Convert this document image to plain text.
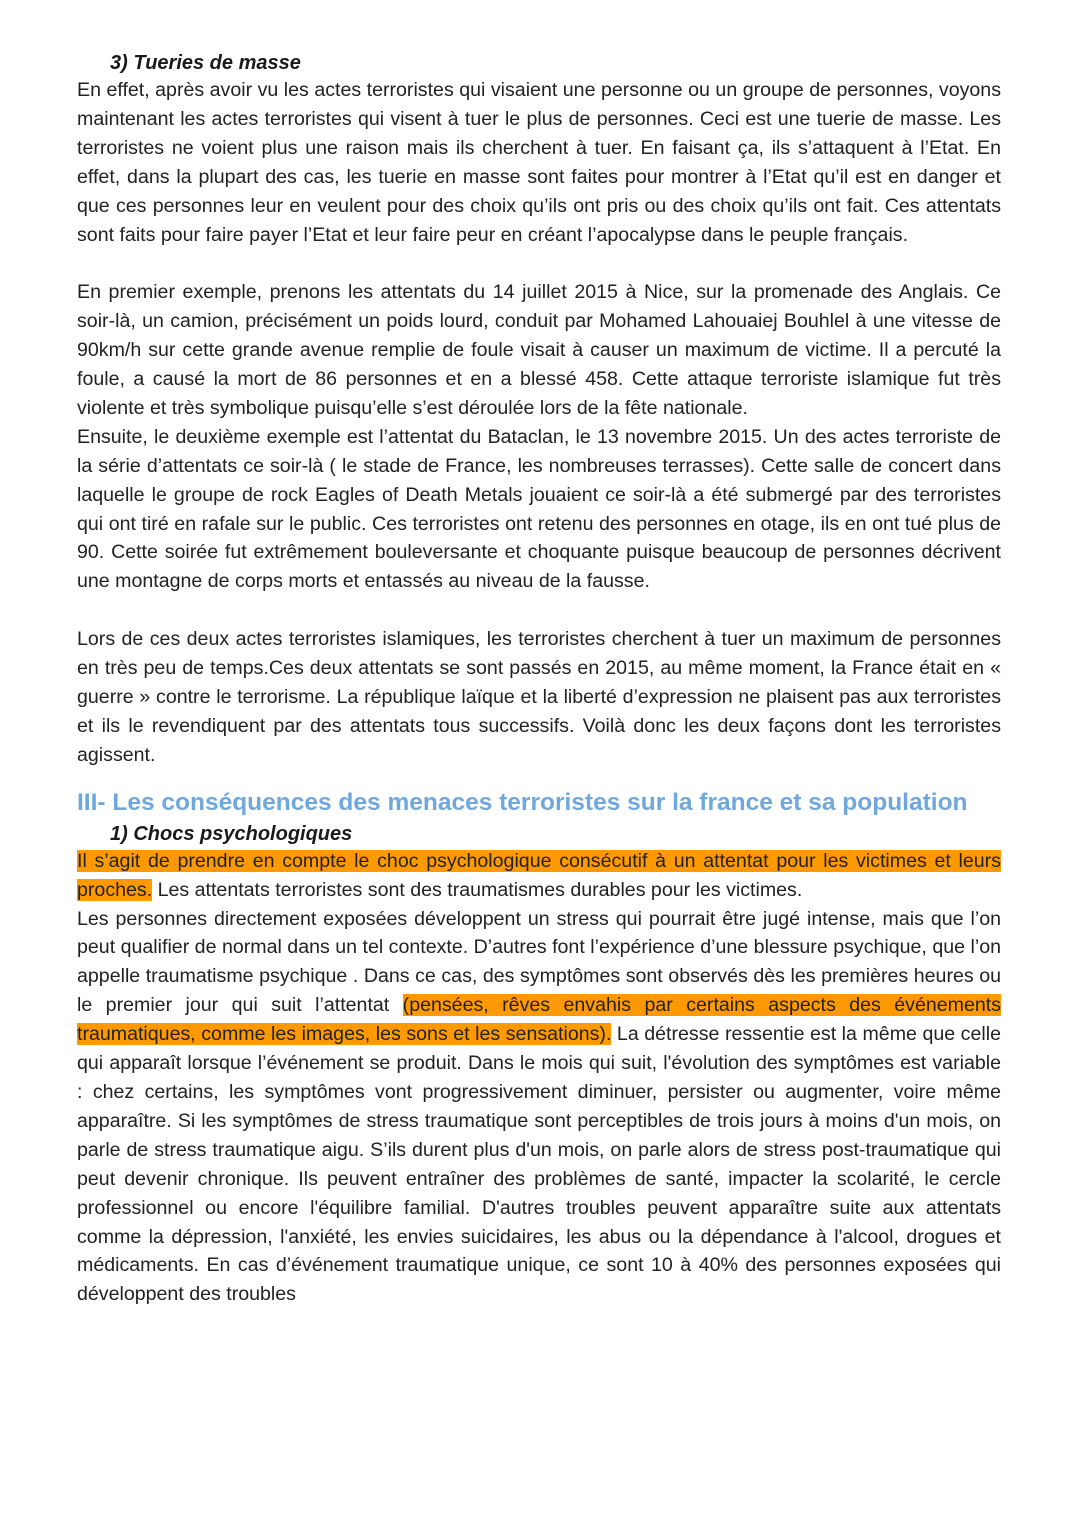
3) Tueries de masse

En effet, après avoir vu les actes terroristes qui visaient une personne ou un groupe de personnes, voyons maintenant les actes terroristes qui visent à tuer le plus de personnes. Ceci est une tuerie de masse. Les terroristes ne voient plus une raison mais ils cherchent à tuer. En faisant ça, ils s’attaquent à l’Etat. En effet, dans la plupart des cas, les tuerie en masse sont faites pour montrer à l’Etat qu’il est en danger et que ces personnes leur en veulent pour des choix qu’ils ont pris ou des choix qu’ils ont fait. Ces attentats sont faits pour faire payer l’Etat et leur faire peur en créant l’apocalypse dans le peuple français.

En premier exemple, prenons les attentats du 14 juillet 2015 à Nice, sur la promenade des Anglais. Ce soir-là, un camion, précisément un poids lourd, conduit par Mohamed Lahouaiej Bouhlel à une vitesse de 90km/h sur cette grande avenue remplie de foule visait à causer un maximum de victime. Il a percuté la foule, a causé la mort de 86 personnes et en a blessé 458. Cette attaque terroriste islamique fut très violente et très symbolique puisqu’elle s’est déroulée lors de la fête nationale.

Ensuite, le deuxième exemple est l’attentat du Bataclan, le 13 novembre 2015. Un des actes terroriste de la série d’attentats ce soir-là ( le stade de France, les nombreuses terrasses). Cette salle de concert dans laquelle le groupe de rock Eagles of Death Metals jouaient ce soir-là a été submergé par des terroristes qui ont tiré en rafale sur le public. Ces terroristes ont retenu des personnes en otage, ils en ont tué plus de 90. Cette soirée fut extrêmement bouleversante et choquante puisque beaucoup de personnes décrivent une montagne de corps morts et entassés au niveau de la fausse.

Lors de ces deux actes terroristes islamiques, les terroristes cherchent à tuer un maximum de personnes en très peu de temps.Ces deux attentats se sont passés en 2015, au même moment, la France était en « guerre » contre le terrorisme. La république laïque et la liberté d’expression ne plaisent pas aux terroristes et ils le revendiquent par des attentats tous successifs. Voilà donc les deux façons dont les terroristes agissent.

III- Les conséquences des menaces terroristes sur la france et sa population
1) Chocs psychologiques

Il s’agit de prendre en compte le choc psychologique consécutif à un attentat pour les victimes et leurs proches. Les attentats terroristes sont des traumatismes durables pour les victimes.

Les personnes directement exposées développent un stress qui pourrait être jugé intense, mais que l’on peut qualifier de normal dans un tel contexte. D’autres font l’expérience d’une blessure psychique, que l’on appelle traumatisme psychique . Dans ce cas, des symptômes sont observés dès les premières heures ou le premier jour qui suit l’attentat (pensées, rêves envahis par certains aspects des événements traumatiques, comme les images, les sons et les sensations). La détresse ressentie est la même que celle qui apparaît lorsque l’événement se produit. Dans le mois qui suit, l'évolution des symptômes est variable : chez certains, les symptômes vont progressivement diminuer, persister ou augmenter, voire même apparaître. Si les symptômes de stress traumatique sont perceptibles de trois jours à moins d'un mois, on parle de stress traumatique aigu. S’ils durent plus d'un mois, on parle alors de stress post-traumatique qui peut devenir chronique. Ils peuvent entraîner des problèmes de santé, impacter la scolarité, le cercle professionnel ou encore l'équilibre familial. D'autres troubles peuvent apparaître suite aux attentats comme la dépression, l'anxiété, les envies suicidaires, les abus ou la dépendance à l'alcool, drogues et médicaments. En cas d’événement traumatique unique, ce sont 10 à 40% des personnes exposées qui développent des troubles
